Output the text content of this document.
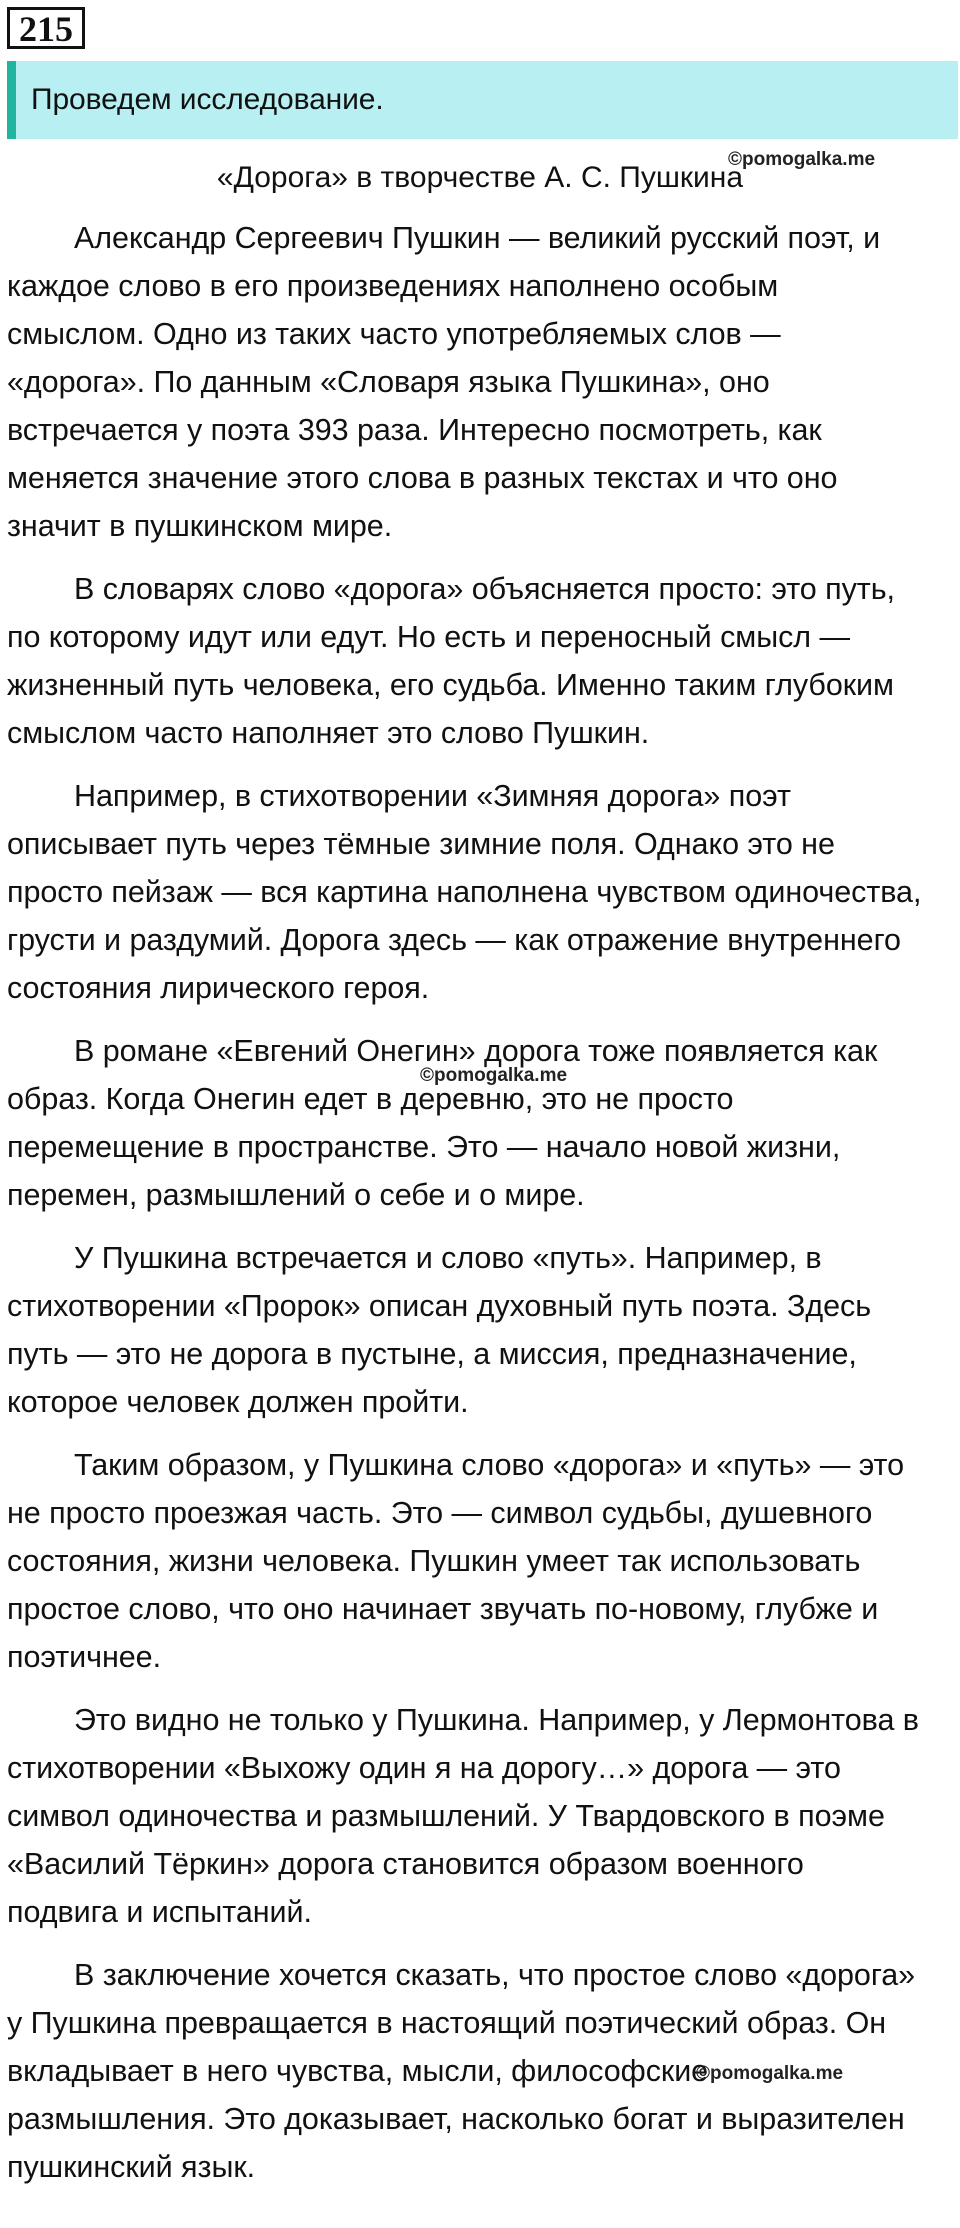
215
Проведем исследование.
«Дорога» в творчестве А. С. Пушкина
©pomogalka.me

Александр Сергеевич Пушкин — великий русский поэт, и каждое слово в его произведениях наполнено особым смыслом. Одно из таких часто употребляемых слов — «дорога». По данным «Словаря языка Пушкина», оно встречается у поэта 393 раза. Интересно посмотреть, как меняется значение этого слова в разных текстах и что оно значит в пушкинском мире.

В словарях слово «дорога» объясняется просто: это путь, по которому идут или едут. Но есть и переносный смысл — жизненный путь человека, его судьба. Именно таким глубоким смыслом часто наполняет это слово Пушкин.

Например, в стихотворении «Зимняя дорога» поэт описывает путь через тёмные зимние поля. Однако это не просто пейзаж — вся картина наполнена чувством одиночества, грусти и раздумий. Дорога здесь — как отражение внутреннего состояния лирического героя.

В романе «Евгений Онегин» дорога тоже появляется как образ. Когда Онегин едет в деревню, это не просто перемещение в пространстве. Это — начало новой жизни, перемен, размышлений о себе и о мире.

У Пушкина встречается и слово «путь». Например, в стихотворении «Пророк» описан духовный путь поэта. Здесь путь — это не дорога в пустыне, а миссия, предназначение, которое человек должен пройти.

Таким образом, у Пушкина слово «дорога» и «путь» — это не просто проезжая часть. Это — символ судьбы, душевного состояния, жизни человека. Пушкин умеет так использовать простое слово, что оно начинает звучать по-новому, глубже и поэтичнее.

Это видно не только у Пушкина. Например, у Лермонтова в стихотворении «Выхожу один я на дорогу…» дорога — это символ одиночества и размышлений. У Твардовского в поэме «Василий Тёркин» дорога становится образом военного подвига и испытаний.

В заключение хочется сказать, что простое слово «дорога» у Пушкина превращается в настоящий поэтический образ. Он вкладывает в него чувства, мысли, философские размышления. Это доказывает, насколько богат и выразителен пушкинский язык.

©pomogalka.me
©pomogalka.me
